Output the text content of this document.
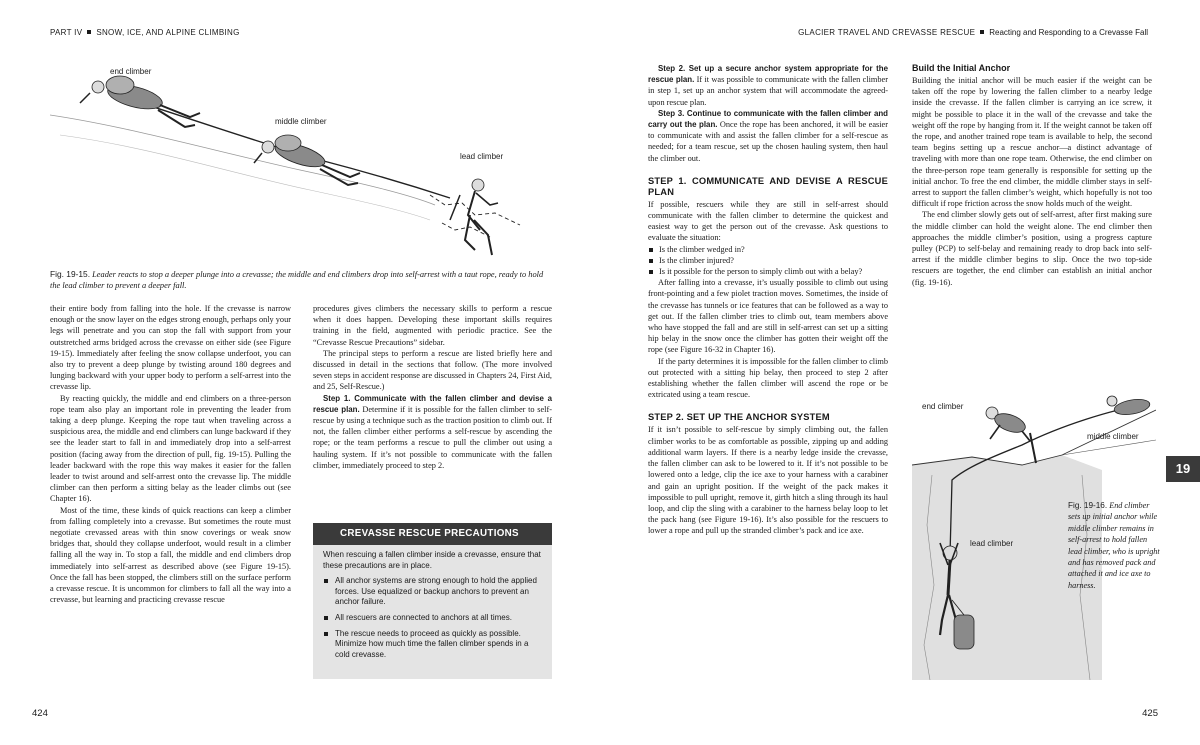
PART IV SNOW, ICE, AND ALPINE CLIMBING
end climber
middle climber
lead climber
Fig. 19-15. Leader reacts to stop a deeper plunge into a crevasse; the middle and end climbers drop into self-arrest with a taut rope, ready to hold the lead climber to prevent a deeper fall.

their entire body from falling into the hole. If the crevasse is narrow enough or the snow layer on the edges strong enough, perhaps only your legs will penetrate and you can stop the fall with support from your outstretched arms bridged across the crevasse on either side (see Figure 19-15). Immediately after feeling the snow collapse underfoot, you can also try to prevent a deep plunge by twisting around 180 degrees and lunging backward with your upper body to perform a self-arrest into the crevasse lip.

By reacting quickly, the middle and end climbers on a three-person rope team also play an important role in preventing the leader from taking a deep plunge. Keeping the rope taut when traveling across a suspicious area, the middle and end climbers can lunge backward if they see the leader start to fall in and immediately drop into a self-arrest position (facing away from the direction of pull, fig. 19-15). Pulling the leader backward with the rope this way makes it easier for the fallen leader to twist around and self-arrest onto the crevasse lip. The middle climber can then perform a sitting belay as the leader climbs out (see Chapter 16).

Most of the time, these kinds of quick reactions can keep a climber from falling completely into a crevasse. But sometimes the route must negotiate crevassed areas with thin snow coverings or weak snow bridges that, should they collapse underfoot, would result in a climber falling all the way in. To stop a fall, the middle and end climbers drop immediately into self-arrest as described above (see Figure 19-15). Once the fall has been stopped, the climbers still on the surface perform a crevasse rescue. It is uncommon for climbers to fall all the way into a crevasse, but learning and practicing crevasse rescue

procedures gives climbers the necessary skills to perform a rescue when it does happen. Developing these important skills requires training in the field, augmented with periodic practice. See the “Crevasse Rescue Precautions” sidebar.

The principal steps to perform a rescue are listed briefly here and discussed in detail in the sections that follow. (The more involved seven steps in accident response are discussed in Chapters 24, First Aid, and 25, Self-Rescue.)

Step 1. Communicate with the fallen climber and devise a rescue plan. Determine if it is possible for the fallen climber to self-rescue by using a technique such as the traction position to climb out. If not, the fallen climber either performs a self-rescue by ascending the rope; or the team performs a rescue to pull the climber out using a hauling system. If it’s not possible to communicate with the fallen climber, immediately proceed to step 2.

CREVASSE RESCUE PRECAUTIONS
When rescuing a fallen climber inside a crevasse, ensure that these precautions are in place.
All anchor systems are strong enough to hold the applied forces. Use equalized or backup anchors to prevent an anchor failure.
All rescuers are connected to anchors at all times.
The rescue needs to proceed as quickly as possible. Minimize how much time the fallen climber spends in a cold crevasse.
424
GLACIER TRAVEL AND CREVASSE RESCUE Reacting and Responding to a Crevasse Fall

Step 2. Set up a secure anchor system appropriate for the rescue plan. If it was possible to communicate with the fallen climber in step 1, set up an anchor system that will accommodate the agreed-upon rescue plan.

Step 3. Continue to communicate with the fallen climber and carry out the plan. Once the rope has been anchored, it will be easier to communicate with and assist the fallen climber for a self-rescue as needed; for a team rescue, set up the chosen hauling system, then haul the climber out.

STEP 1. COMMUNICATE AND DEVISE A RESCUE PLAN

If possible, rescuers while they are still in self-arrest should communicate with the fallen climber to determine the quickest and easiest way to get the person out of the crevasse. Ask questions to evaluate the situation:

Is the climber wedged in?
Is the climber injured?
Is it possible for the person to simply climb out with a belay?

After falling into a crevasse, it’s usually possible to climb out using front-pointing and a few piolet traction moves. Sometimes, the inside of the crevasse has tunnels or ice features that can be followed as a way to get out. If the fallen climber tries to climb out, team members above who have stopped the fall and are still in self-arrest can set up a sitting hip belay in the snow once the climber has gotten their weight off the rope (see Figure 16-32 in Chapter 16).

If the party determines it is impossible for the fallen climber to climb out protected with a sitting hip belay, then proceed to step 2 after establishing whether the fallen climber will ascend the rope or be extricated using a team rescue.

STEP 2. SET UP THE ANCHOR SYSTEM

If it isn’t possible to self-rescue by simply climbing out, the fallen climber works to be as comfortable as possible, zipping up and adding additional warm layers. If there is a nearby ledge inside the crevasse, the fallen climber can ask to be lowered to it. If it’s not possible to be lowered onto a ledge, clip the ice axe to your harness with a carabiner and gain an upright position. If the weight of the pack makes it impossible to pull upright, remove it, girth hitch a sling through its haul loop, and clip the sling with a carabiner to the harness belay loop to let the pack hang (see Figure 19-16). It’s also possible for the rescuers to lower a rope and pull up the stranded climber’s pack and ice axe.

Build the Initial Anchor

Building the initial anchor will be much easier if the weight can be taken off the rope by lowering the fallen climber to a nearby ledge inside the crevasse. If the fallen climber is carrying an ice screw, it might be possible to place it in the wall of the crevasse and take the weight off the rope by hanging from it. If the weight cannot be taken off the rope, and another trained rope team is available to help, the second team begins setting up a rescue anchor—a distinct advantage of traveling with more than one rope team. Otherwise, the end climber on the three-person rope team generally is responsible for setting up the initial anchor. To free the end climber, the middle climber stays in self-arrest to support the fallen climber’s weight, which hopefully is not too difficult if rope friction across the snow holds much of the weight.

The end climber slowly gets out of self-arrest, after first making sure the middle climber can hold the weight alone. The end climber then approaches the middle climber’s position, using a progress capture pulley (PCP) to self-belay and remaining ready to drop back into self-arrest if the middle climber begins to slip. Once the two top-side rescuers are together, the end climber can establish an initial anchor (fig. 19-16).

end climber
middle climber
lead climber
425
19
Fig. 19-16. End climber sets up initial anchor while middle climber remains in self-arrest to hold fallen lead climber, who is upright and has removed pack and attached it and ice axe to harness.
